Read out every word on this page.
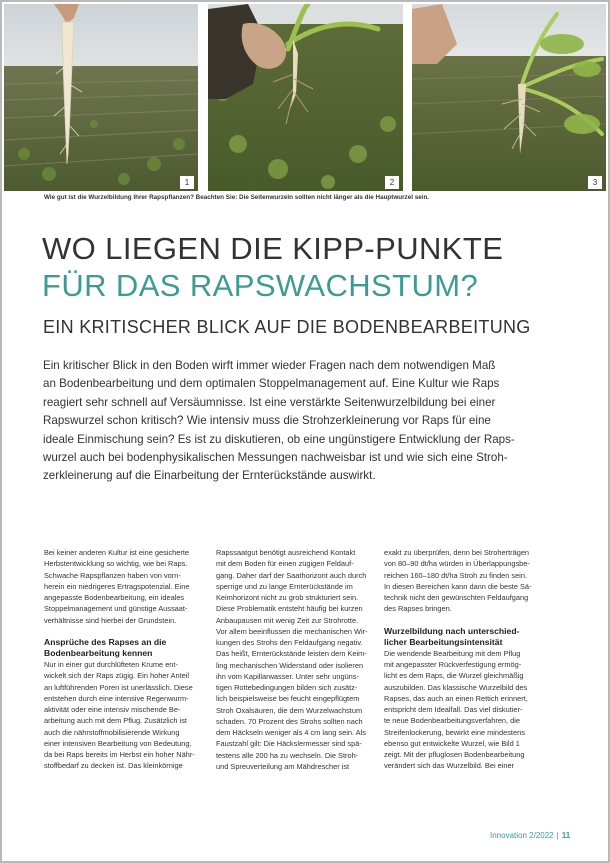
1	2	3
Wie gut ist die Wurzelbildung Ihrer Rapspflanzen? Beachten Sie: Die Seitenwurzeln sollten nicht länger als die Hauptwurzel sein.
WO LIEGEN DIE KIPP-PUNKTE
FÜR DAS RAPSWACHSTUM?
EIN KRITISCHER BLICK AUF DIE BODENBEARBEITUNG

Ein kritischer Blick in den Boden wirft immer wieder Fragen nach dem notwendigen Maß

an Bodenbearbeitung und dem optimalen Stoppelmanagement auf. Eine Kultur wie Raps

reagiert sehr schnell auf Versäumnisse. Ist eine verstärkte Seitenwurzelbildung bei einer

Rapswurzel schon kritisch? Wie intensiv muss die Strohzerkleinerung vor Raps für eine

ideale Einmischung sein? Es ist zu diskutieren, ob eine ungünstigere Entwicklung der Raps-

wurzel auch bei bodenphysikalischen Messungen nachweisbar ist und wie sich eine Stroh-

zerkleinerung auf die Einarbeitung der Ernterückstände auswirkt.

Bei keiner anderen Kultur ist eine gesicherte

Herbstentwicklung so wichtig, wie bei Raps.

Schwache Rapspflanzen haben von vorn-

herein ein niedrigeres Ertragspotenzial. Eine

angepasste Bodenbearbeitung, ein ideales

Stoppelmanagement und günstige Aussaat-

verhältnisse sind hierbei der Grundstein.

Ansprüche des Rapses an die
Bodenbearbeitung kennen

Nur in einer gut durchlüfteten Krume ent-

wickelt sich der Raps zügig. Ein hoher Anteil

an luftführenden Poren ist unerlässlich. Diese

entstehen durch eine intensive Regenwurm-

aktivität oder eine intensiv mischende Be-

arbeitung auch mit dem Pflug. Zusätzlich ist

auch die nährstoffmobilisierende Wirkung

einer intensiven Bearbeitung von Bedeutung,

da bei Raps bereits im Herbst ein hoher Nähr-

stoffbedarf zu decken ist. Das kleinkörnige

Rapssaatgut benötigt ausreichend Kontakt

mit dem Boden für einen zügigen Feldauf-

gang. Daher darf der Saathorizont auch durch

sperrige und zu lange Ernterückstände im

Keimhorizont nicht zu grob strukturiert sein.

Diese Problematik entsteht häufig bei kurzen

Anbaupausen mit wenig Zeit zur Strohrotte.

Vor allem beeinflussen die mechanischen Wir-

kungen des Strohs den Feldaufgang negativ.

Das heißt, Ernterückstände leisten dem Keim-

ling mechanischen Widerstand oder isolieren

ihn vom Kapillarwasser. Unter sehr ungüns-

tigen Rottebedingungen bilden sich zusätz-

lich beispielsweise bei feucht eingepflügtem

Stroh Oxalsäuren, die dem Wurzelwachstum

schaden. 70 Prozent des Strohs sollten nach

dem Häckseln weniger als 4 cm lang sein. Als

Faustzahl gilt: Die Häckslermesser sind spä-

testens alle 200 ha zu wechseln. Die Stroh-

und Spreuverteilung am Mähdrescher ist

exakt zu überprüfen, denn bei Stroherträgen

von 80–90 dt/ha würden in Überlappungsbe-

reichen 160–180 dt/ha Stroh zu finden sein.

In diesen Bereichen kann dann die beste Sä-

technik nicht den gewünschten Feldaufgang

des Rapses bringen.

Wurzelbildung nach unterschied-
licher Bearbeitungsintensität

Die wendende Bearbeitung mit dem Pflug

mit angepasster Rückverfestigung ermög-

licht es dem Raps, die Wurzel gleichmäßig

auszubilden. Das klassische Wurzelbild des

Rapses, das auch an einen Rettich erinnert,

entspricht dem Idealfall. Das viel diskutier-

te neue Bodenbearbeitungsverfahren, die

Streifenlockerung, bewirkt eine mindestens

ebenso gut entwickelte Wurzel, wie Bild 1

zeigt. Mit der pfluglosen Bodenbearbeitung

verändert sich das Wurzelbild. Bei einer

Innovation 2/2022 | 11
